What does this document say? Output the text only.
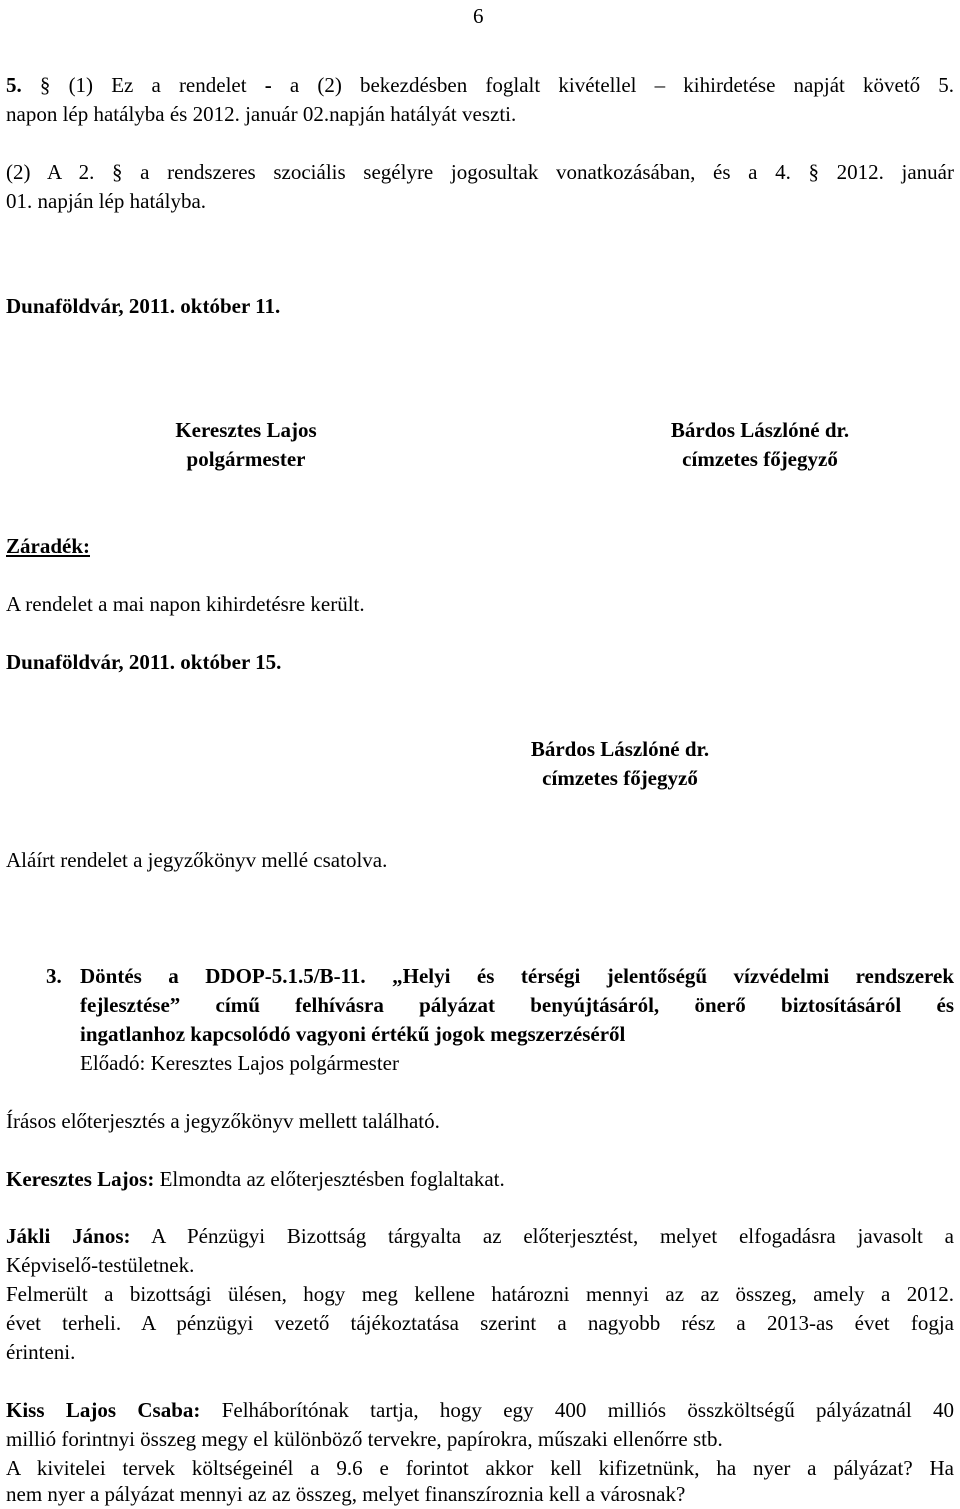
6
5. § (1) Ez a rendelet - a (2) bekezdésben foglalt kivétellel – kihirdetése napját követő 5.
napon lép hatályba és 2012. január 02.napján hatályát veszti.
(2) A 2. § a rendszeres szociális segélyre jogosultak vonatkozásában, és a 4. § 2012. január
01. napján lép hatályba.
Dunaföldvár, 2011. október 11.
Keresztes Lajos
polgármester
Bárdos Lászlóné dr.
címzetes főjegyző
Záradék:
A rendelet a mai napon kihirdetésre került.
Dunaföldvár, 2011. október 15.
Bárdos Lászlóné dr.
címzetes főjegyző
Aláírt rendelet a jegyzőkönyv mellé csatolva.
3. Döntés a DDOP-5.1.5/B-11. „Helyi és térségi jelentőségű vízvédelmi rendszerek
fejlesztése” című felhívásra pályázat benyújtásáról, önerő biztosításáról és
ingatlanhoz kapcsolódó vagyoni értékű jogok megszerzéséről
Előadó: Keresztes Lajos polgármester
Írásos előterjesztés a jegyzőkönyv mellett található.
Keresztes Lajos: Elmondta az előterjesztésben foglaltakat.
Jákli János: A Pénzügyi Bizottság tárgyalta az előterjesztést, melyet elfogadásra javasolt a
Képviselő-testületnek.
Felmerült a bizottsági ülésen, hogy meg kellene határozni mennyi az az összeg, amely a 2012.
évet terheli. A pénzügyi vezető tájékoztatása szerint a nagyobb rész a 2013-as évet fogja
érinteni.
Kiss Lajos Csaba: Felháborítónak tartja, hogy egy 400 milliós összköltségű pályázatnál 40
millió forintnyi összeg megy el különböző tervekre, papírokra, műszaki ellenőrre stb.
A kivitelei tervek költségeinél a 9.6 e forintot akkor kell kifizetnünk, ha nyer a pályázat? Ha
nem nyer a pályázat mennyi az az összeg, melyet finanszíroznia kell a városnak?
